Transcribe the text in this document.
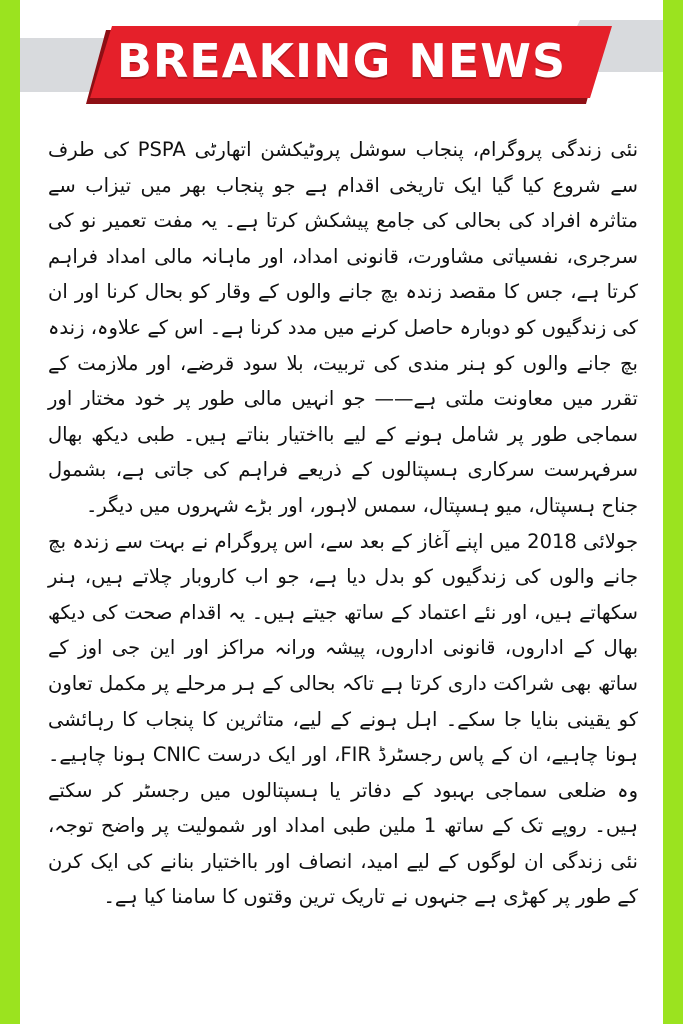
BREAKING NEWS

نئی زندگی پروگرام، پنجاب سوشل پروٹیکشن اتھارٹی PSPA کی طرف سے شروع کیا گیا ایک تاریخی اقدام ہے جو پنجاب بھر میں تیزاب سے متاثرہ افراد کی بحالی کی جامع پیشکش کرتا ہے۔ یہ مفت تعمیر نو کی سرجری، نفسیاتی مشاورت، قانونی امداد، اور ماہانہ مالی امداد فراہم کرتا ہے، جس کا مقصد زندہ بچ جانے والوں کے وقار کو بحال کرنا اور ان کی زندگیوں کو دوبارہ حاصل کرنے میں مدد کرنا ہے۔ اس کے علاوہ، زندہ بچ جانے والوں کو ہنر مندی کی تربیت، بلا سود قرضے، اور ملازمت کے تقرر میں معاونت ملتی ہے—— جو انہیں مالی طور پر خود مختار اور سماجی طور پر شامل ہونے کے لیے بااختیار بناتے ہیں۔ طبی دیکھ بھال سرفہرست سرکاری ہسپتالوں کے ذریعے فراہم کی جاتی ہے، بشمول جناح ہسپتال، میو ہسپتال، سمس لاہور، اور بڑے شہروں میں دیگر۔

جولائی 2018 میں اپنے آغاز کے بعد سے، اس پروگرام نے بہت سے زندہ بچ جانے والوں کی زندگیوں کو بدل دیا ہے، جو اب کاروبار چلاتے ہیں، ہنر سکھاتے ہیں، اور نئے اعتماد کے ساتھ جیتے ہیں۔ یہ اقدام صحت کی دیکھ بھال کے اداروں، قانونی اداروں، پیشہ ورانہ مراکز اور این جی اوز کے ساتھ بھی شراکت داری کرتا ہے تاکہ بحالی کے ہر مرحلے پر مکمل تعاون کو یقینی بنایا جا سکے۔ اہل ہونے کے لیے، متاثرین کا پنجاب کا رہائشی ہونا چاہیے، ان کے پاس رجسٹرڈ FIR، اور ایک درست CNIC ہونا چاہیے۔ وہ ضلعی سماجی بہبود کے دفاتر یا ہسپتالوں میں رجسٹر کر سکتے ہیں۔ روپے تک کے ساتھ 1 ملین طبی امداد اور شمولیت پر واضح توجہ، نئی زندگی ان لوگوں کے لیے امید، انصاف اور بااختیار بنانے کی ایک کرن کے طور پر کھڑی ہے جنہوں نے تاریک ترین وقتوں کا سامنا کیا ہے۔
